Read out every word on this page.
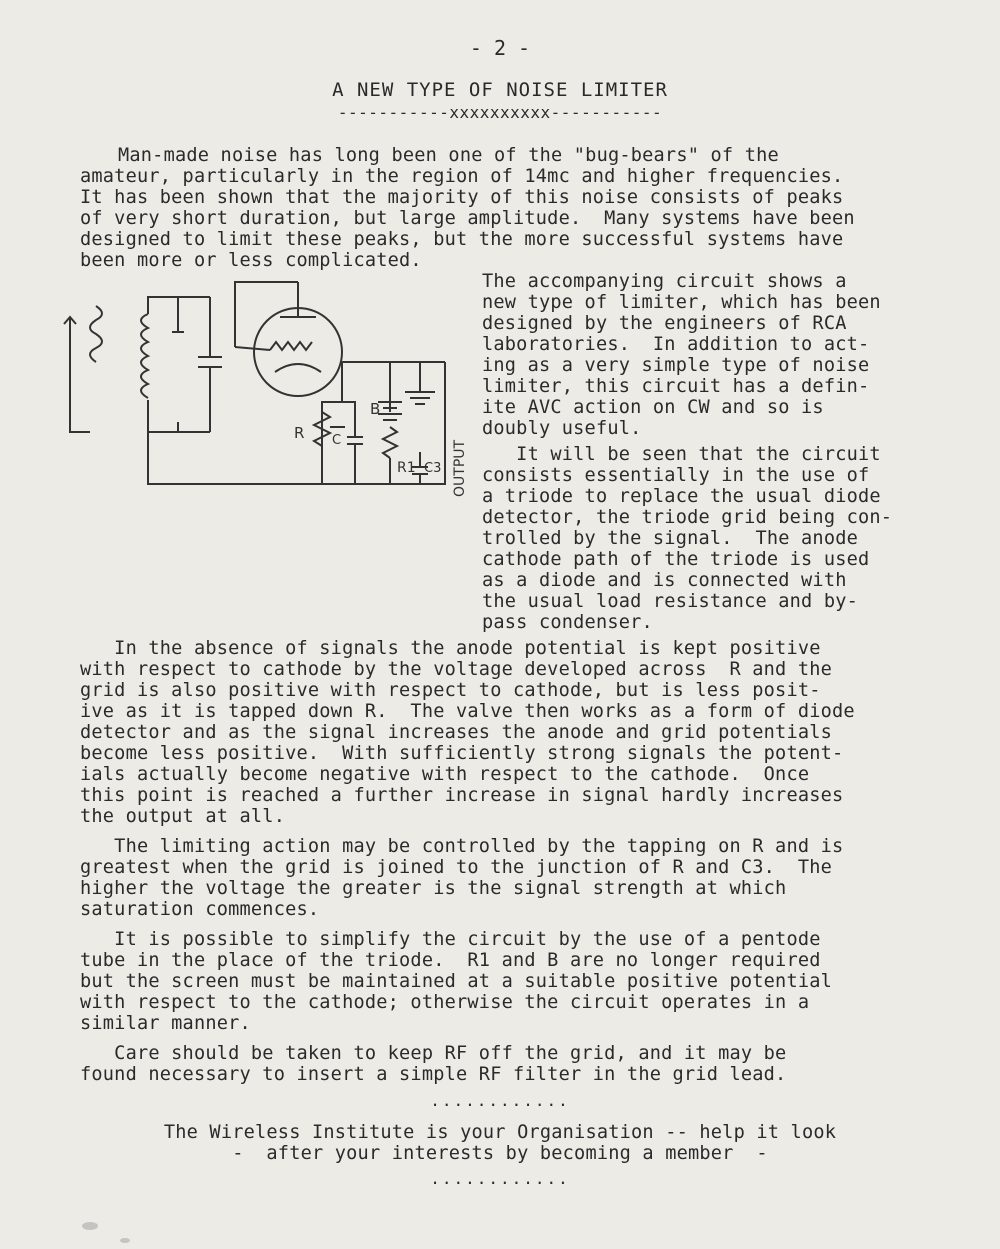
- 2 -
A NEW TYPE OF NOISE LIMITER
-----------xxxxxxxxxx-----------
Man-made noise has long been one of the "bug-bears" of the
amateur, particularly in the region of 14mc and higher frequencies.
It has been shown that the majority of this noise consists of peaks
of very short duration, but large amplitude.  Many systems have been
designed to limit these peaks, but the more successful systems have
been more or less complicated.
The accompanying circuit shows a
new type of limiter, which has been
designed by the engineers of RCA
laboratories.  In addition to act-
ing as a very simple type of noise
limiter, this circuit has a defin-
ite AVC action on CW and so is
doubly useful.
It will be seen that the circuit
consists essentially in the use of
a triode to replace the usual diode
detector, the triode grid being con-
trolled by the signal.  The anode
cathode path of the triode is used
as a diode and is connected with
the usual load resistance and by-
pass condenser.
R C
B
R1 C3 OUTPUT
In the absence of signals the anode potential is kept positive
with respect to cathode by the voltage developed across  R and the
grid is also positive with respect to cathode, but is less posit-
ive as it is tapped down R.  The valve then works as a form of diode
detector and as the signal increases the anode and grid potentials
become less positive.  With sufficiently strong signals the potent-
ials actually become negative with respect to the cathode.  Once
this point is reached a further increase in signal hardly increases
the output at all.
The limiting action may be controlled by the tapping on R and is
greatest when the grid is joined to the junction of R and C3.  The
higher the voltage the greater is the signal strength at which
saturation commences.
It is possible to simplify the circuit by the use of a pentode
tube in the place of the triode.  R1 and B are no longer required
but the screen must be maintained at a suitable positive potential
with respect to the cathode; otherwise the circuit operates in a
similar manner.
Care should be taken to keep RF off the grid, and it may be
found necessary to insert a simple RF filter in the grid lead.
............
The Wireless Institute is your Organisation -- help it look
-  after your interests by becoming a member  -
............
